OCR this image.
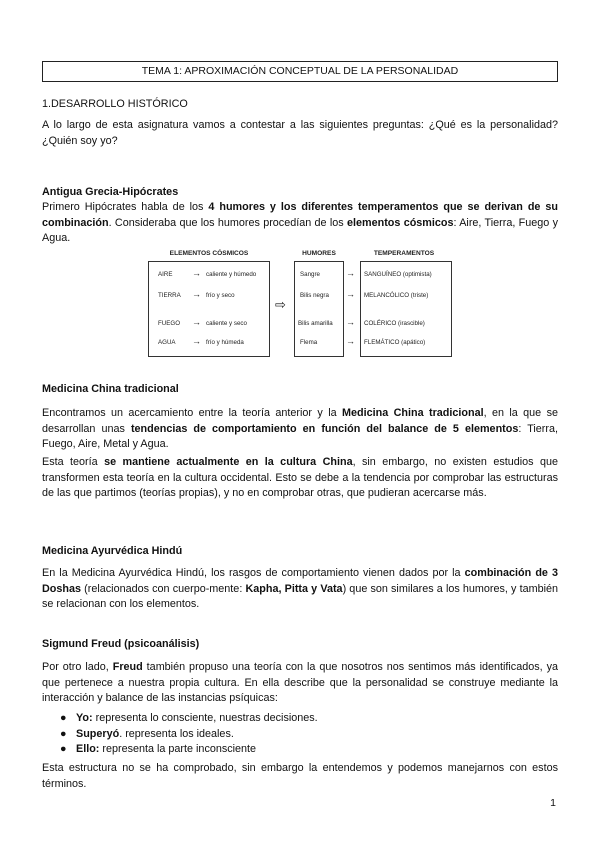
TEMA 1: APROXIMACIÓN CONCEPTUAL DE LA PERSONALIDAD
1.DESARROLLO HISTÓRICO
A lo largo de esta asignatura vamos a contestar a las siguientes preguntas: ¿Qué es la personalidad? ¿Quién soy yo?
Antigua Grecia-Hipócrates
Primero Hipócrates habla de los 4 humores y los diferentes temperamentos que se derivan de su combinación. Consideraba que los humores procedían de los elementos cósmicos: Aire, Tierra, Fuego y Agua.
ELEMENTOS CÓSMICOS	HUMORES	TEMPERAMENTOS
AIRE → caliente y húmedo	Sangre	→ SANGUÍNEO (optimista)
TIERRA → frío y seco	Bilis negra → MELANCÓLICO (triste)
⇨
FUEGO → caliente y seco	Bilis amarilla → COLÉRICO (irascible)
AGUA → frío y húmeda	Flema	→ FLEMÁTICO (apático)
Medicina China tradicional
Encontramos un acercamiento entre la teoría anterior y la Medicina China tradicional, en la que se desarrollan unas tendencias de comportamiento en función del balance de 5 elementos: Tierra, Fuego, Aire, Metal y Agua.
Esta teoría se mantiene actualmente en la cultura China, sin embargo, no existen estudios que transformen esta teoría en la cultura occidental. Esto se debe a la tendencia por comprobar las estructuras de las que partimos (teorías propias), y no en comprobar otras, que pudieran acercarse más.
Medicina Ayurvédica Hindú
En la Medicina Ayurvédica Hindú, los rasgos de comportamiento vienen dados por la combinación de 3 Doshas (relacionados con cuerpo-mente: Kapha, Pitta y Vata) que son similares a los humores, y también se relacionan con los elementos.
Sigmund Freud (psicoanálisis)
Por otro lado, Freud también propuso una teoría con la que nosotros nos sentimos más identificados, ya que pertenece a nuestra propia cultura. En ella describe que la personalidad se construye mediante la interacción y balance de las instancias psíquicas:
● Yo: representa lo consciente, nuestras decisiones.
● Superyó. representa los ideales.
● Ello: representa la parte inconsciente
Esta estructura no se ha comprobado, sin embargo la entendemos y podemos manejarnos con estos términos.
1
